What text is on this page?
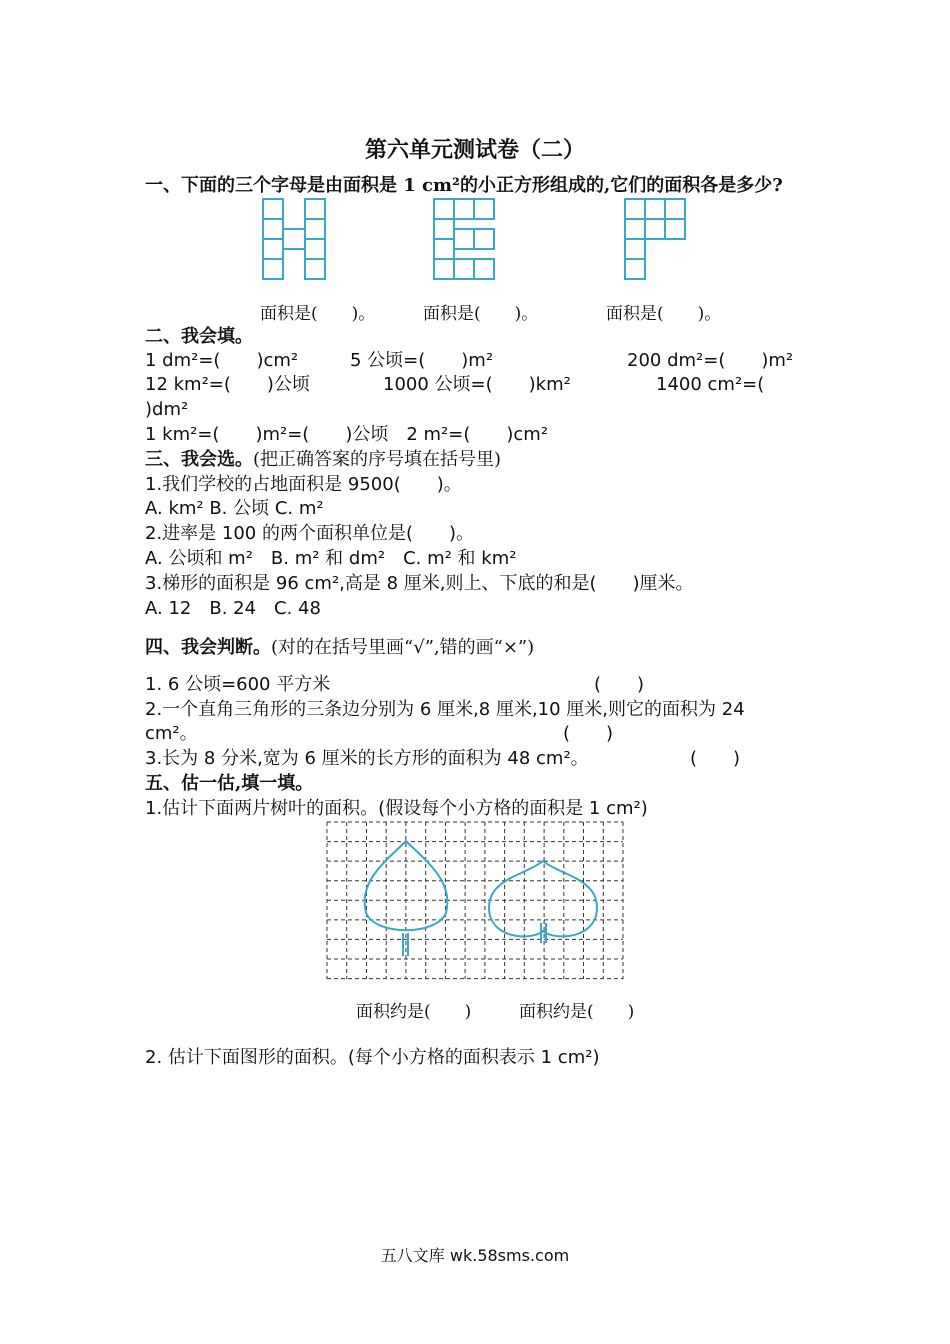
第六单元测试卷（二）
一、下面的三个字母是由面积是 1 cm²的小正方形组成的,它们的面积各是多少?
面积是(　　)。	面积是(　　)。	面积是(　　)。
二、我会填。
1 dm²=(　　)cm²	5 公顷=(　　)m²	200 dm²=(　　)m²
12 km²=(　　)公顷	1000 公顷=(　　)km²	1400 cm²=(
)dm²
1 km²=(　　)m²=(　　)公顷　2 m²=(　　)cm²
三、我会选。(把正确答案的序号填在括号里)
1.我们学校的占地面积是 9500(　　)。
A. km² B. 公顷 C. m²
2.进率是 100 的两个面积单位是(　　)。
A. 公顷和 m²　B. m² 和 dm²　C. m² 和 km²
3.梯形的面积是 96 cm²,高是 8 厘米,则上、下底的和是(　　)厘米。
A. 12　B. 24　C. 48
四、我会判断。(对的在括号里画“√”,错的画“×”)
1. 6 公顷=600 平方米	(　　)
2.一个直角三角形的三条边分别为 6 厘米,8 厘米,10 厘米,则它的面积为 24
cm²。	(　　)
3.长为 8 分米,宽为 6 厘米的长方形的面积为 48 cm²。	(　　)
五、估一估,填一填。
1.估计下面两片树叶的面积。(假设每个小方格的面积是 1 cm²)
面积约是(　　)	面积约是(　　)
2. 估计下面图形的面积。(每个小方格的面积表示 1 cm²)
五八文库 wk.58sms.com
